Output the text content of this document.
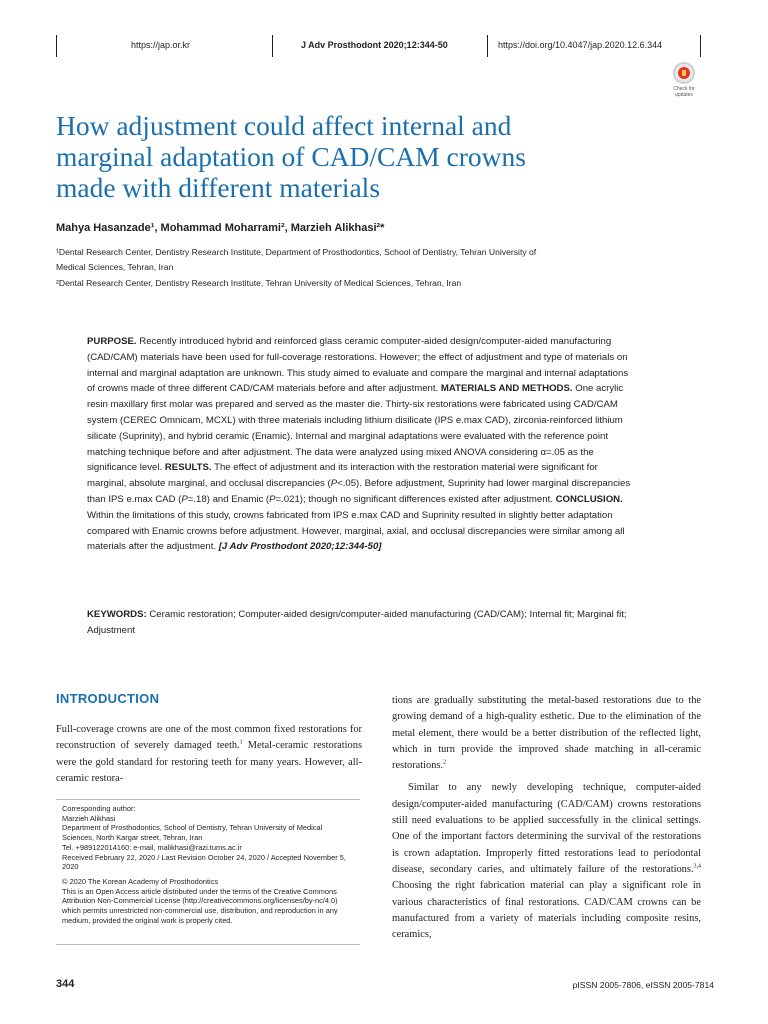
https://jap.or.kr	J Adv Prosthodont 2020;12:344-50	https://doi.org/10.4047/jap.2020.12.6.344
Check for updates
How adjustment could affect internal and
marginal adaptation of CAD/CAM crowns
made with different materials
Mahya Hasanzade¹, Mohammad Moharrami², Marzieh Alikhasi²*
¹Dental Research Center, Dentistry Research Institute, Department of Prosthodontics, School of Dentistry, Tehran University of
Medical Sciences, Tehran, Iran
²Dental Research Center, Dentistry Research Institute, Tehran University of Medical Sciences, Tehran, Iran
PURPOSE. Recently introduced hybrid and reinforced glass ceramic computer-aided design/computer-aided manufacturing (CAD/CAM) materials have been used for full-coverage restorations. However; the effect of adjustment and type of materials on internal and marginal adaptation are unknown. This study aimed to evaluate and compare the marginal and internal adaptations of crowns made of three different CAD/CAM materials before and after adjustment. MATERIALS AND METHODS. One acrylic resin maxillary first molar was prepared and served as the master die. Thirty-six restorations were fabricated using CAD/CAM system (CEREC Omnicam, MCXL) with three materials including lithium disilicate (IPS e.max CAD), zirconia-reinforced lithium silicate (Suprinity), and hybrid ceramic (Enamic). Internal and marginal adaptations were evaluated with the reference point matching technique before and after adjustment. The data were analyzed using mixed ANOVA considering α=.05 as the significance level. RESULTS. The effect of adjustment and its interaction with the restoration material were significant for marginal, absolute marginal, and occlusal discrepancies (P<.05). Before adjustment, Suprinity had lower marginal discrepancies than IPS e.max CAD (P=.18) and Enamic (P=.021); though no significant differences existed after adjustment. CONCLUSION. Within the limitations of this study, crowns fabricated from IPS e.max CAD and Suprinity resulted in slightly better adaptation compared with Enamic crowns before adjustment. However, marginal, axial, and occlusal discrepancies were similar among all materials after the adjustment. [J Adv Prosthodont 2020;12:344-50]
KEYWORDS: Ceramic restoration; Computer-aided design/computer-aided manufacturing (CAD/CAM); Internal fit; Marginal fit; Adjustment
INTRODUCTION

Full-coverage crowns are one of the most common fixed restorations for reconstruction of severely damaged teeth.$^1$ Metal-ceramic restorations were the gold standard for restoring teeth for many years. However, all-ceramic restora-

tions are gradually substituting the metal-based restorations due to the growing demand of a high-quality esthetic. Due to the elimination of the metal element, there would be a better distribution of the reflected light, which in turn provide the improved shade matching in all-ceramic restorations.$^2$

Similar to any newly developing technique, computer-aided design/computer-aided manufacturing (CAD/CAM) crowns restorations still need evaluations to be applied successfully in the clinical settings. One of the important factors determining the survival of the restorations is crown adaptation. Improperly fitted restorations lead to periodontal disease, secondary caries, and ultimately failure of the restorations.$^{3,4}$ Choosing the right fabrication material can play a significant role in various characteristics of final restorations. CAD/CAM crowns can be manufactured from a variety of materials including composite resins, ceramics,

Corresponding author:

Marzieh Alikhasi

Department of Prosthodontics, School of Dentistry, Tehran University of Medical Sciences, North Kargar street, Tehran, Iran

Tel. +989122014160: e-mail, malikhasi@razi.tums.ac.ir

Received February 22, 2020 / Last Revision October 24, 2020 / Accepted November 5, 2020

© 2020 The Korean Academy of Prosthodontics

This is an Open Access article distributed under the terms of the Creative Commons Attribution Non-Commercial License (http://creativecommons.org/licenses/by-nc/4.0) which permits unrestricted non-commercial use, distribution, and reproduction in any medium, provided the original work is properly cited.

344	pISSN 2005-7806, eISSN 2005-7814
